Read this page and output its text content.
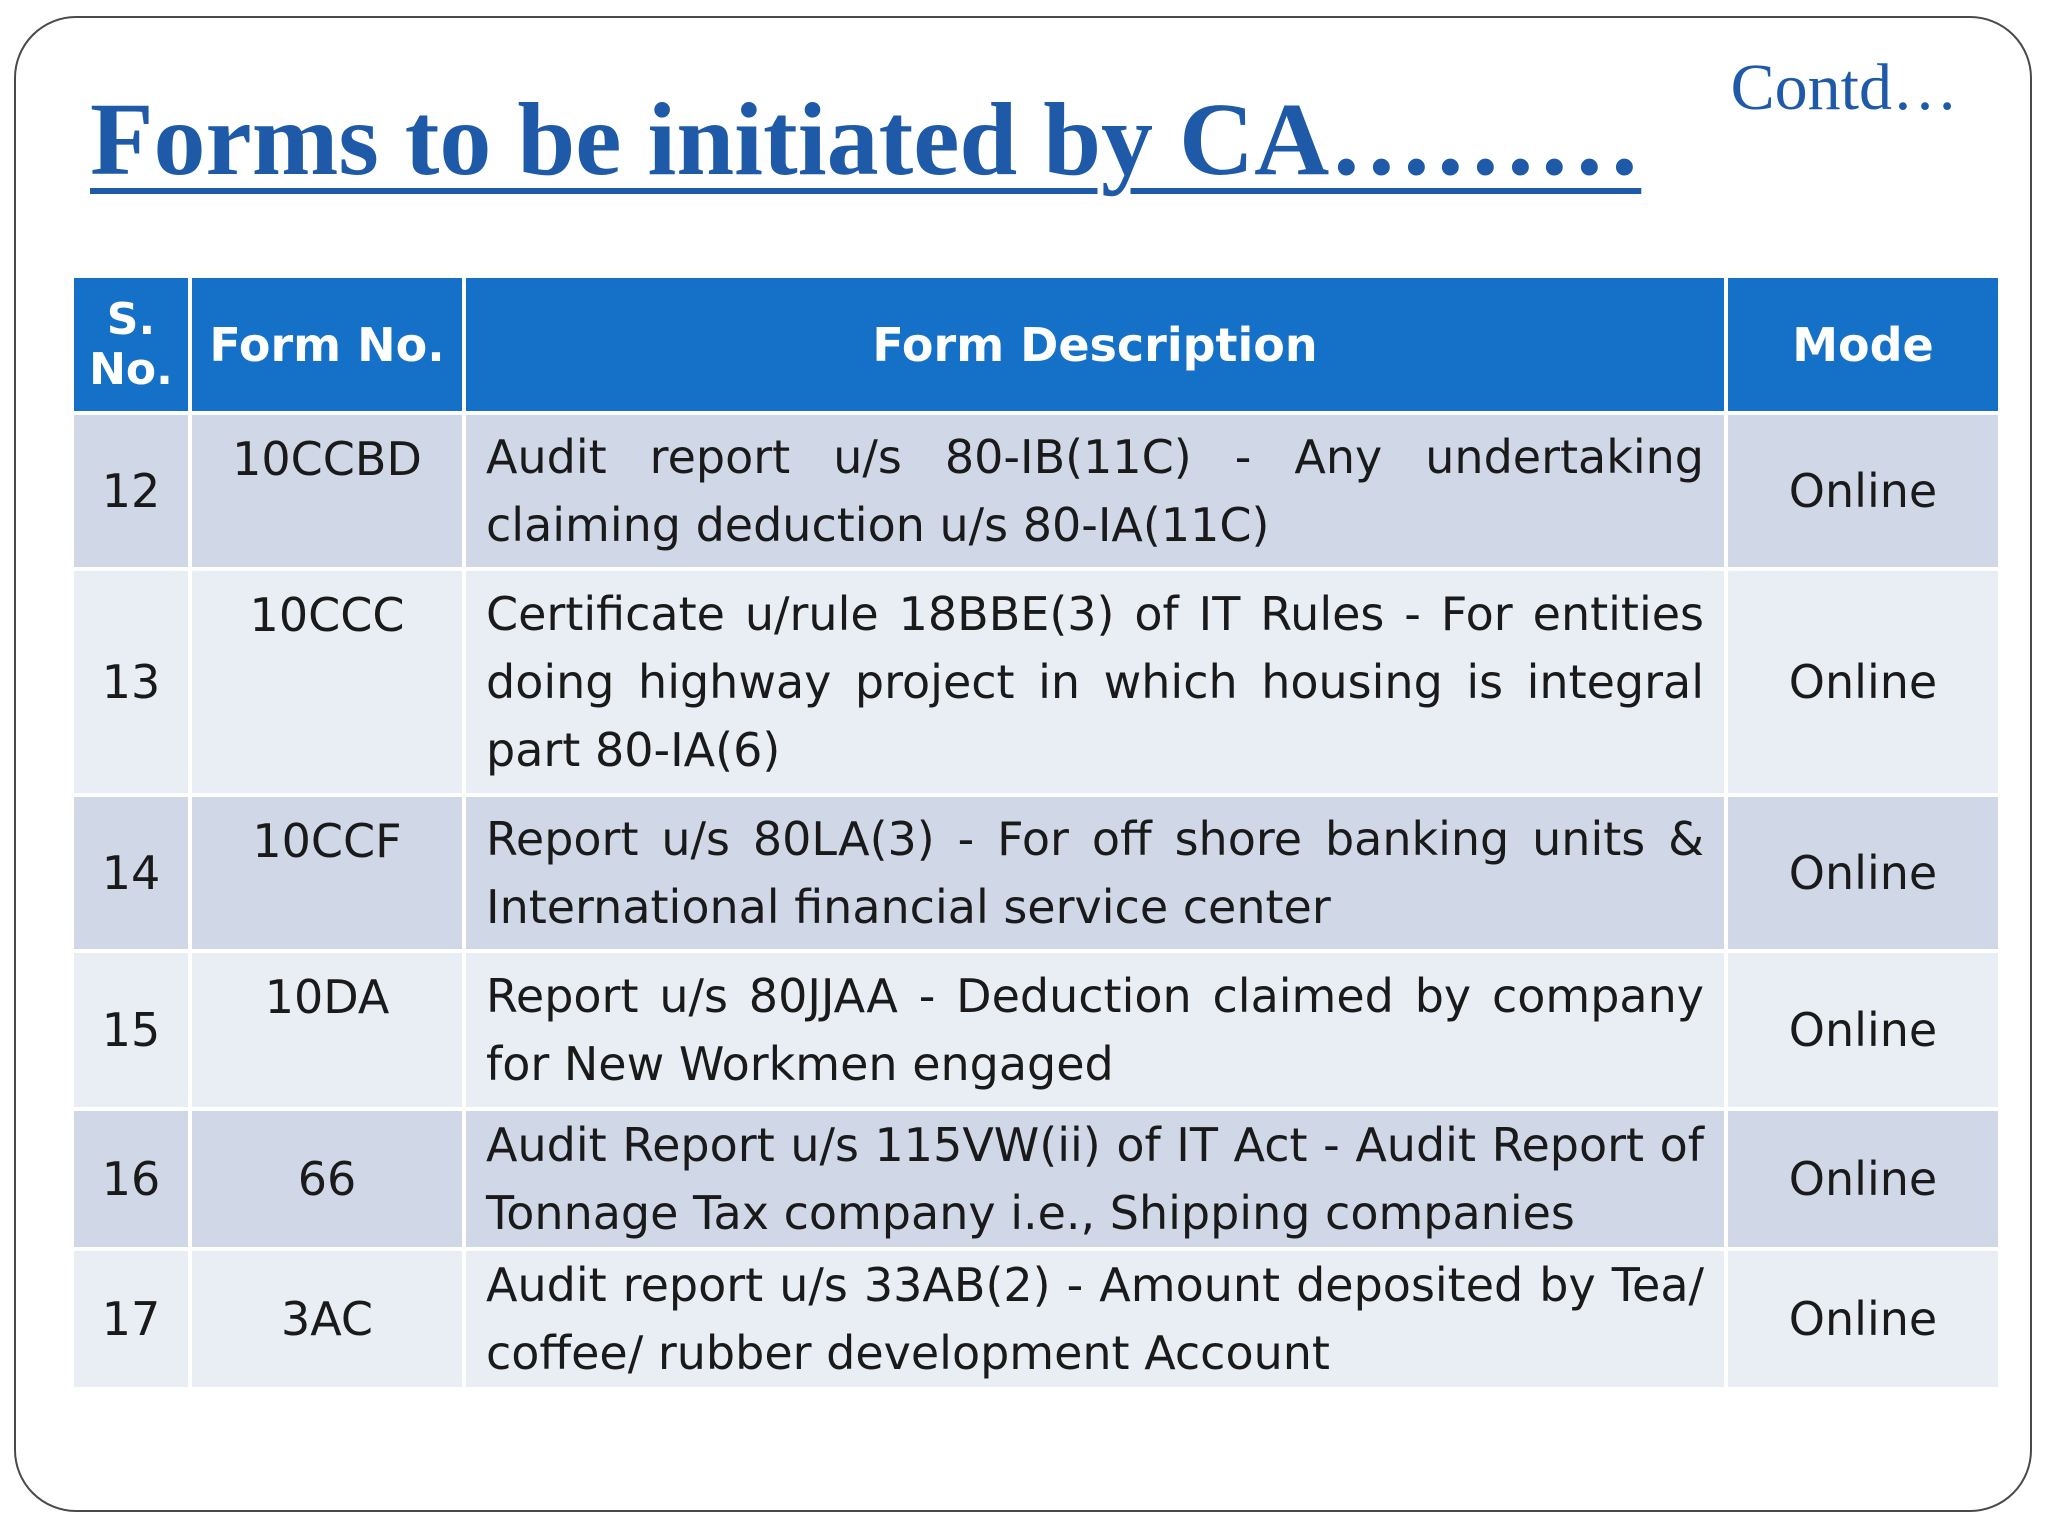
Forms to be initiated by CA……… Contd…
S. No.	Form No.	Form Description	Mode
12	10CCBD	Audit report u/s 80-IB(11C) - Any undertaking claiming deduction u/s 80-IA(11C)	Online
13	10CCC	Certificate u/rule 18BBE(3) of IT Rules - For entities doing highway project in which housing is integral part 80-IA(6)	Online
14	10CCF	Report u/s 80LA(3) - For off shore banking units & International financial service center	Online
15	10DA	Report u/s 80JJAA - Deduction claimed by company for New Workmen engaged	Online
16	66	Audit Report u/s 115VW(ii) of IT Act - Audit Report of Tonnage Tax company i.e., Shipping companies	Online
17	3AC	Audit report u/s 33AB(2) - Amount deposited by Tea/ coffee/ rubber development Account	Online
